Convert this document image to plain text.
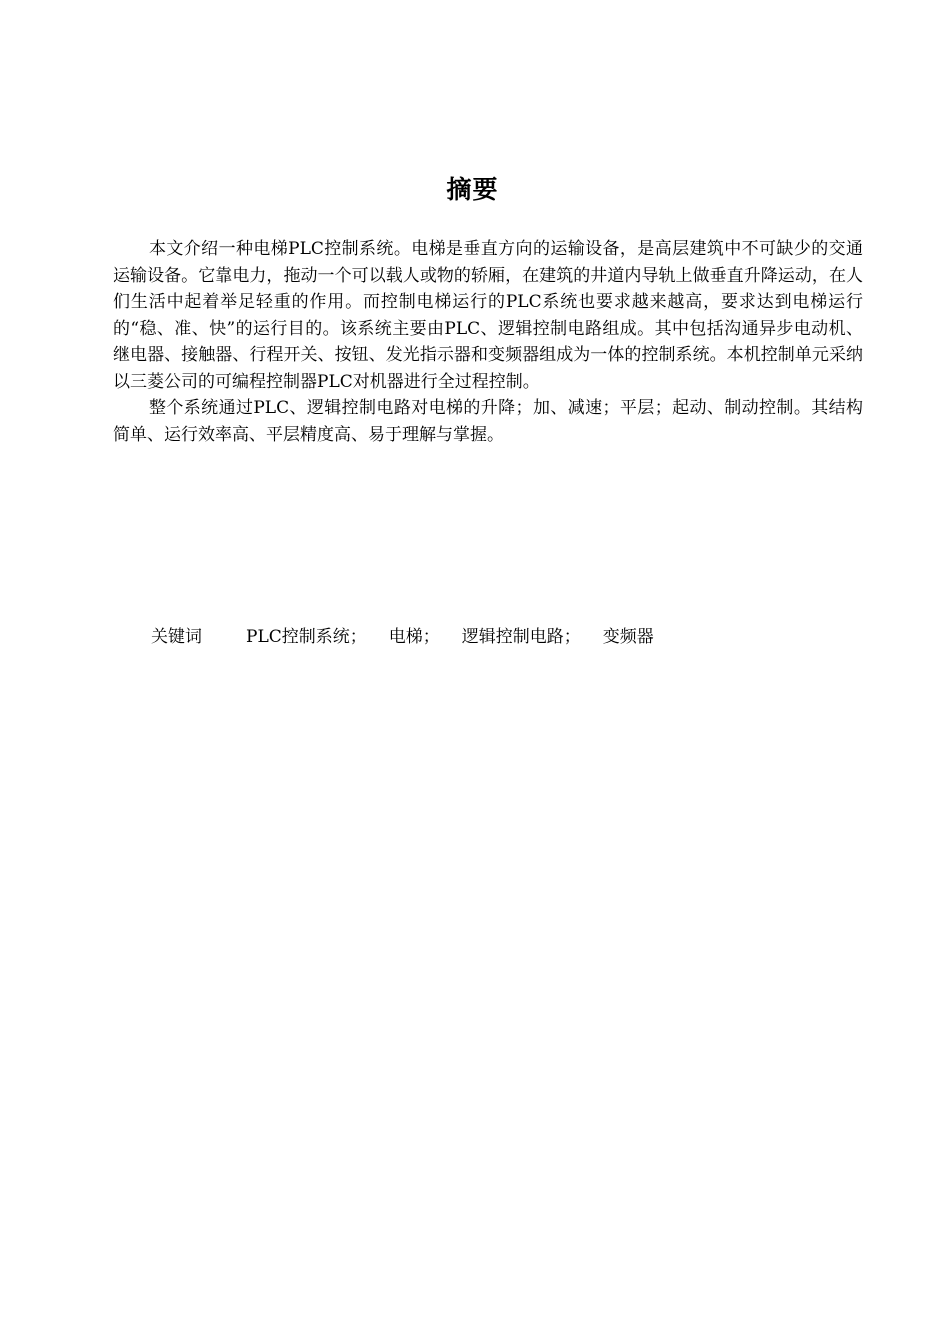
摘要

本文介绍一种电梯PLC控制系统。电梯是垂直方向的运输设备，是高层建筑中不可缺少的交通运输设备。它靠电力，拖动一个可以载人或物的轿厢，在建筑的井道内导轨上做垂直升降运动，在人们生活中起着举足轻重的作用。而控制电梯运行的PLC系统也要求越来越高，要求达到电梯运行的“稳、准、快”的运行目的。该系统主要由PLC、逻辑控制电路组成。其中包括沟通异步电动机、继电器、接触器、行程开关、按钮、发光指示器和变频器组成为一体的控制系统。本机控制单元采纳以三菱公司的可编程控制器PLC对机器进行全过程控制。

整个系统通过PLC、逻辑控制电路对电梯的升降；加、减速；平层；起动、制动控制。其结构简单、运行效率高、平层精度高、易于理解与掌握。

关键词	PLC控制系统； 电梯； 逻辑控制电路； 变频器
